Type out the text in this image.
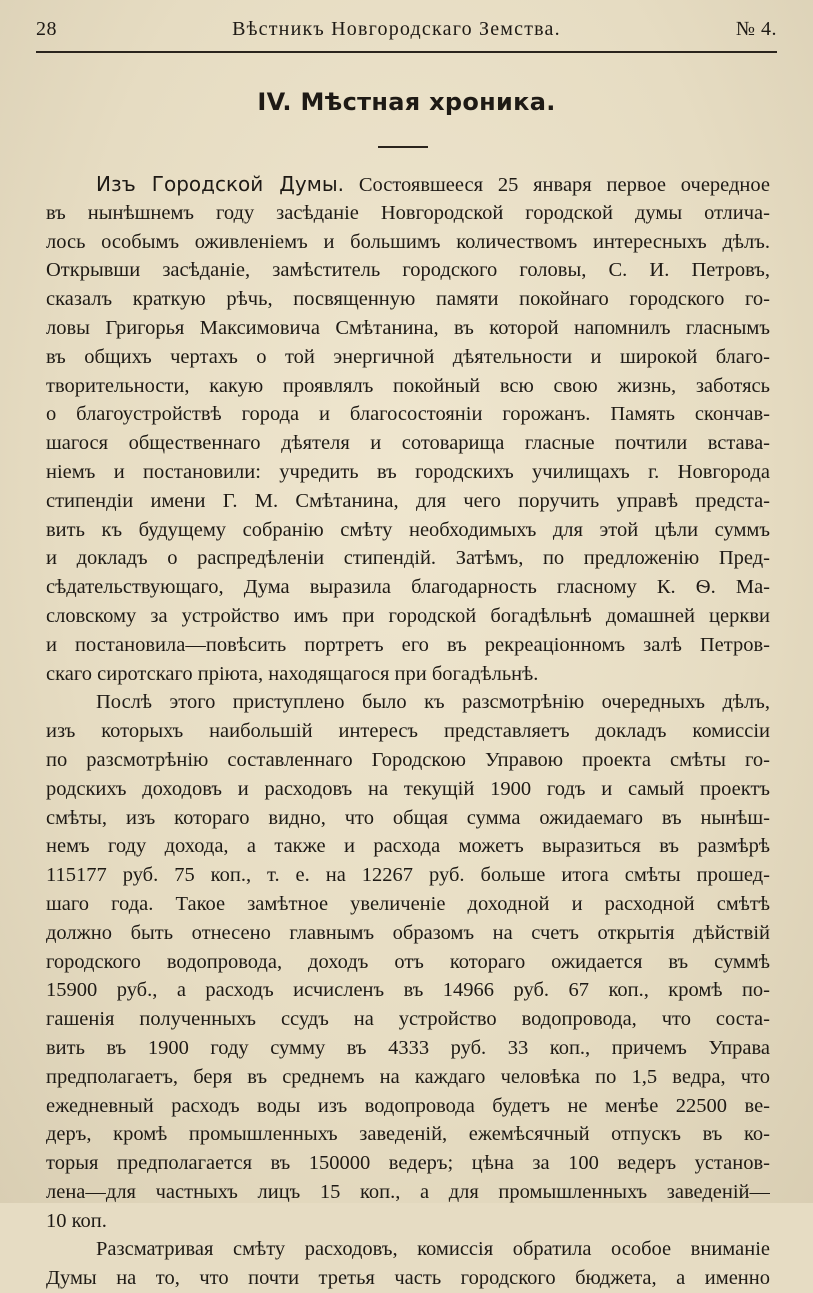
28	Вѣстникъ Новгородскаго Земства.	№ 4.
IV. Мѣстная хроника.
Изъ Городской Думы. Состоявшееся 25 января первое очередное
въ нынѣшнемъ году засѣданіе Новгородской городской думы отлича-
лось особымъ оживленіемъ и большимъ количествомъ интересныхъ дѣлъ.
Открывши засѣданіе, замѣститель городского головы, С. И. Петровъ,
сказалъ краткую рѣчь, посвященную памяти покойнаго городского го-
ловы Григорья Максимовича Смѣтанина, въ которой напомнилъ гласнымъ
въ общихъ чертахъ о той энергичной дѣятельности и широкой благо-
творительности, какую проявлялъ покойный всю свою жизнь, заботясь
о благоустройствѣ города и благосостояніи горожанъ. Память скончав-
шагося общественнаго дѣятеля и сотоварища гласные почтили встава-
ніемъ и постановили: учредить въ городскихъ училищахъ г. Новгорода
стипендіи имени Г. М. Смѣтанина, для чего поручить управѣ предста-
вить къ будущему собранію смѣту необходимыхъ для этой цѣли суммъ
и докладъ о распредѣленіи стипендій. Затѣмъ, по предложенію Пред-
сѣдательствующаго, Дума выразила благодарность гласному К. Ѳ. Ма-
словскому за устройство имъ при городской богадѣльнѣ домашней церкви
и постановила—повѣсить портретъ его въ рекреаціонномъ залѣ Петров-
скаго сиротскаго пріюта, находящагося при богадѣльнѣ.
Послѣ этого приступлено было къ разсмотрѣнію очередныхъ дѣлъ,
изъ которыхъ наибольшій интересъ представляетъ докладъ комиссіи
по разсмотрѣнію составленнаго Городскою Управою проекта смѣты го-
родскихъ доходовъ и расходовъ на текущій 1900 годъ и самый проектъ
смѣты, изъ котораго видно, что общая сумма ожидаемаго въ нынѣш-
немъ году дохода, а также и расхода можетъ выразиться въ размѣрѣ
115177 руб. 75 коп., т. е. на 12267 руб. больше итога смѣты прошед-
шаго года. Такое замѣтное увеличеніе доходной и расходной смѣтѣ
должно быть отнесено главнымъ образомъ на счетъ открытія дѣйствій
городского водопровода, доходъ отъ котораго ожидается въ суммѣ
15900 руб., а расходъ исчисленъ въ 14966 руб. 67 коп., кромѣ по-
гашенія полученныхъ ссудъ на устройство водопровода, что соста-
вить въ 1900 году сумму въ 4333 руб. 33 коп., причемъ Управа
предполагаетъ, беря въ среднемъ на каждаго человѣка по 1,5 ведра, что
ежедневный расходъ воды изъ водопровода будетъ не менѣе 22500 ве-
деръ, кромѣ промышленныхъ заведеній, ежемѣсячный отпускъ въ ко-
торыя предполагается въ 150000 ведеръ; цѣна за 100 ведеръ установ-
лена—для частныхъ лицъ 15 коп., а для промышленныхъ заведеній—
10 коп.
Разсматривая смѣту расходовъ, комиссія обратила особое вниманіе
Думы на то, что почти третья часть городского бюджета, а именно
